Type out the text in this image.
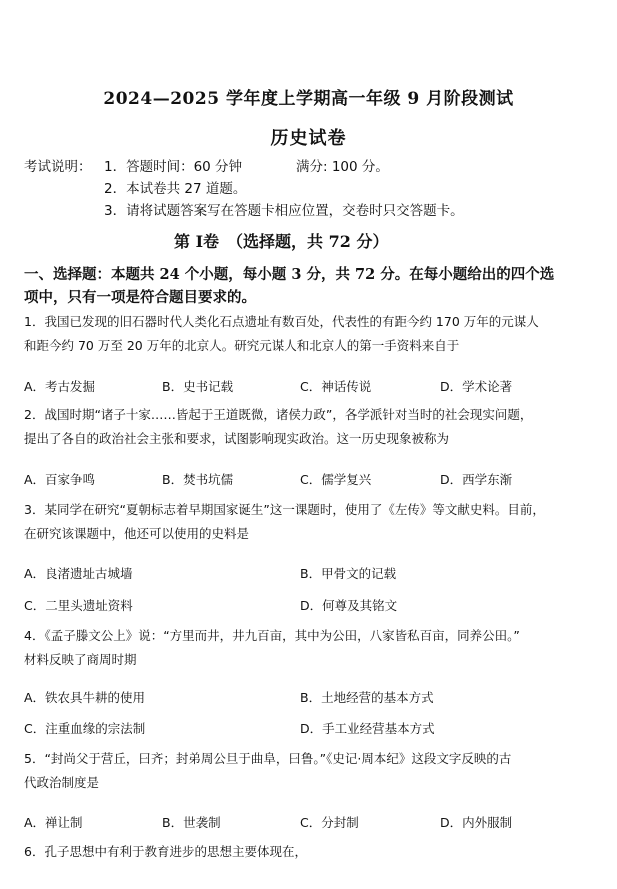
2024—2025 学年度上学期高一年级 9 月阶段测试
历史试卷
考试说明： 1．答题时间：60 分钟	满分: 100 分。
2．本试卷共 27 道题。
3．请将试题答案写在答题卡相应位置，交卷时只交答题卡。
第 Ⅰ卷　（选择题，共 72 分）
一、选择题：本题共 24 个小题，每小题 3 分，共 72 分。在每小题给出的四个选
项中，只有一项是符合题目要求的。
1．我国已发现的旧石器时代人类化石点遗址有数百处，代表性的有距今约 170 万年的元谋人
和距今约 70 万至 20 万年的北京人。研究元谋人和北京人的第一手资料来自于
A．考古发掘	B．史书记载	C．神话传说	D．学术论著
2．战国时期“诸子十家……皆起于王道既微，诸侯力政”，各学派针对当时的社会现实问题，
提出了各自的政治社会主张和要求，试图影响现实政治。这一历史现象被称为
A．百家争鸣	B．焚书坑儒	C．儒学复兴	D．西学东渐
3．某同学在研究“夏朝标志着早期国家诞生”这一课题时，使用了《左传》等文献史料。目前，
在研究该课题中，他还可以使用的史料是
A．良渚遗址古城墙	B．甲骨文的记载
C．二里头遗址资料	D．何尊及其铭文
4．《孟子滕文公上》说：“方里而井，井九百亩，其中为公田，八家皆私百亩，同养公田。”
材料反映了商周时期
A．铁农具牛耕的使用	B．土地经营的基本方式
C．注重血缘的宗法制	D．手工业经营基本方式
5．“封尚父于营丘，曰齐；封弟周公旦于曲阜，曰鲁。”《史记·周本纪》这段文字反映的古
代政治制度是
A．禅让制	B．世袭制	C．分封制	D．内外服制
6．孔子思想中有利于教育进步的思想主要体现在，
